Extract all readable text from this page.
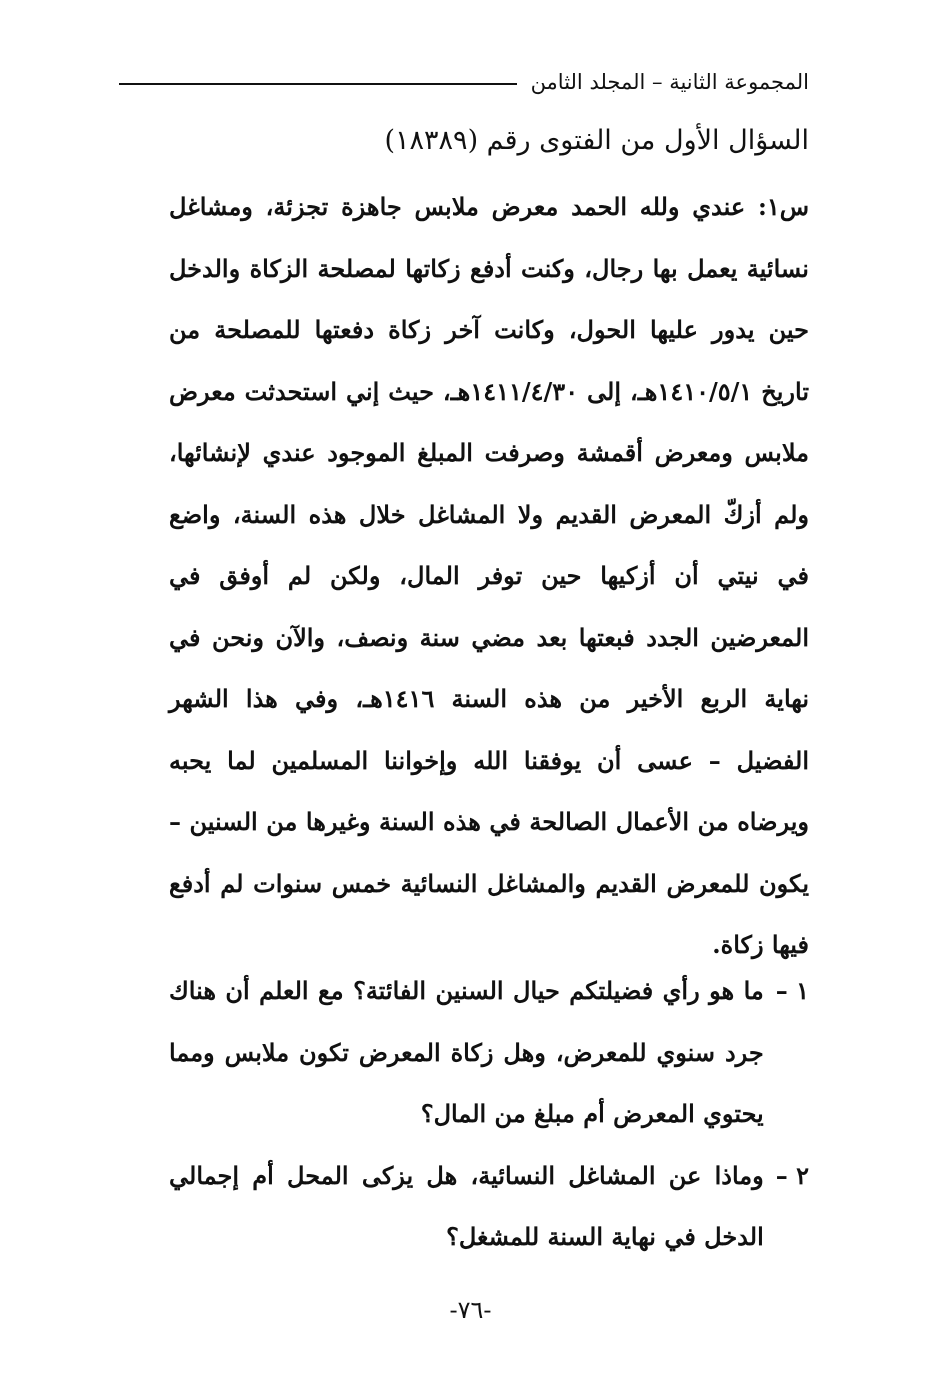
المجموعة الثانية – المجلد الثامن
السؤال الأول من الفتوى رقم (١٨٣٨٩)

س١: عندي ولله الحمد معرض ملابس جاهزة تجزئة، ومشاغل نسائية يعمل بها رجال، وكنت أدفع زكاتها لمصلحة الزكاة والدخل حين يدور عليها الحول، وكانت آخر زكاة دفعتها للمصلحة من تاريخ ١٤١٠/٥/١هـ، إلى ١٤١١/٤/٣٠هـ، حيث إني استحدثت معرض ملابس ومعرض أقمشة وصرفت المبلغ الموجود عندي لإنشائها، ولم أزكّ المعرض القديم ولا المشاغل خلال هذه السنة، واضع في نيتي أن أزكيها حين توفر المال، ولكن لم أوفق في المعرضين الجدد فبعتها بعد مضي سنة ونصف، والآن ونحن في نهاية الربع الأخير من هذه السنة ١٤١٦هـ، وفي هذا الشهر الفضيل – عسى أن يوفقنا الله وإخواننا المسلمين لما يحبه ويرضاه من الأعمال الصالحة في هذه السنة وغيرها من السنين – يكون للمعرض القديم والمشاغل النسائية خمس سنوات لم أدفع فيها زكاة.

١ –
ما هو رأي فضيلتكم حيال السنين الفائتة؟ مع العلم أن هناك جرد سنوي للمعرض، وهل زكاة المعرض تكون ملابس ومما يحتوي المعرض أم مبلغ من المال؟
٢ –
وماذا عن المشاغل النسائية، هل يزكى المحل أم إجمالي الدخل في نهاية السنة للمشغل؟
-٧٦-
